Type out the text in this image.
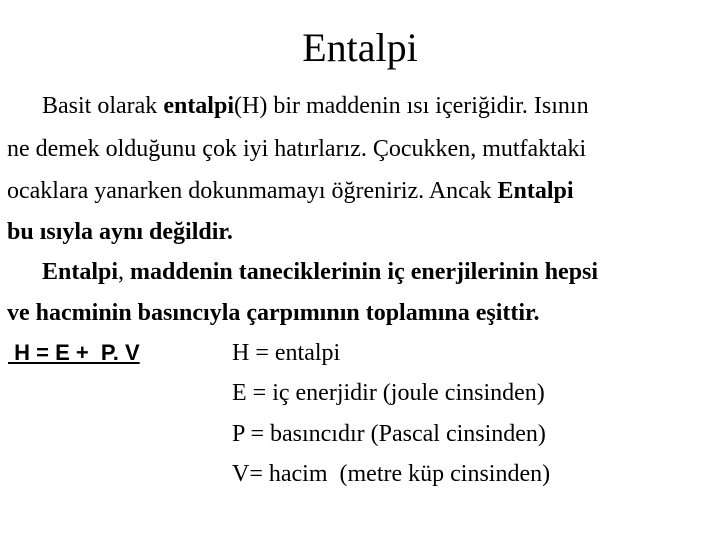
Entalpi
Basit olarak entalpi(H) bir maddenin ısı içeriğidir. Isının
ne demek olduğunu çok iyi hatırlarız. Çocukken, mutfaktaki
ocaklara yanarken dokunmamayı öğreniriz. Ancak Entalpi
bu ısıyla aynı değildir.
Entalpi, maddenin taneciklerinin iç enerjilerinin hepsi
ve hacminin basıncıyla çarpımının toplamına eşittir.
H = E +  P. V	H = entalpi
E = iç enerjidir (joule cinsinden)
P = basıncıdır (Pascal cinsinden)
V= hacim  (metre küp cinsinden)
